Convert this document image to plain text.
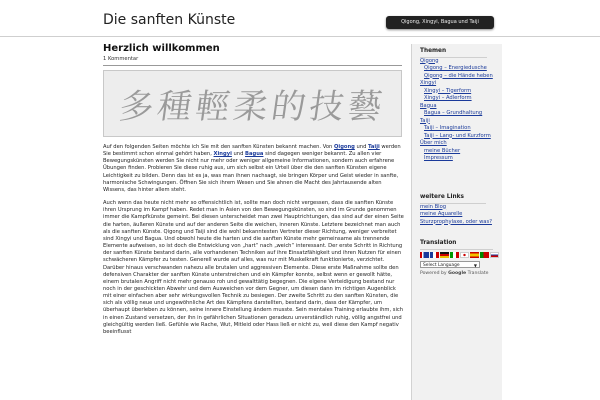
Die sanften Künste	Qigong, Xingyi, Bagua und Taiji
Herzlich willkommen
1 Kommentar
多種輕柔的技藝

Auf den folgenden Seiten möchte ich Sie mit den sanften Künsten bekannt machen. Von Qigong und Taiji werden Sie bestimmt schon einmal gehört haben, Xingyi und Bagua sind dagegen weniger bekannt. Zu allen vier Bewegungskünsten werden Sie nicht nur mehr oder weniger allgemeine Informationen, sondern auch erfahrene Übungen finden. Probieren Sie diese ruhig aus, um sich selbst ein Urteil über die den sanften Künsten eigene Leichtigkeit zu bilden. Denn das ist es ja, was man ihnen nachsagt, sie bringen Körper und Geist wieder in sanfte, harmonische Schwingungen. Öffnen Sie sich ihrem Wesen und Sie ahnen die Macht des Jahrtausende alten Wissens, das hinter allem steht.

Auch wenn das heute nicht mehr so offensichtlich ist, sollte man doch nicht vergessen, dass die sanften Künste ihren Ursprung im Kampf haben. Redet man in Asien von den Bewegungskünsten, so sind im Grunde genommen immer die Kampfkünste gemeint. Bei diesen unterscheidet man zwei Hauptrichtungen, das sind auf der einen Seite die harten, äußeren Künste und auf der anderen Seite die weichen, inneren Künste. Letztere bezeichnet man auch als die sanften Künste. Qigong und Taiji sind die wohl bekanntesten Vertreter dieser Richtung, weniger verbreitet sind Xingyi und Bagua. Und obwohl heute die harten und die sanften Künste mehr gemeinsame als trennende Elemente aufweisen, so ist doch die Entwicklung von „hart“ nach „weich“ interessant. Der erste Schritt in Richtung der sanften Künste bestand darin, alle vorhandenen Techniken auf ihre Einsatzfähigkeit und ihren Nutzen für einen schwächeren Kämpfer zu testen. Generell wurde auf alles, was nur mit Muskelkraft funktionierte, verzichtet. Darüber hinaus verschwanden nahezu alle brutalen und aggressiven Elemente. Diese erste Maßnahme sollte den defensiven Charakter der sanften Künste unterstreichen und ein Kämpfer konnte, selbst wenn er gewollt hätte, einem brutalen Angriff nicht mehr genauso roh und gewalttätig begegnen. Die eigene Verteidigung bestand nur noch in der geschickten Abwehr und dem Ausweichen vor dem Gegner, um diesen dann im richtigen Augenblick mit einer einfachen aber sehr wirkungsvollen Technik zu besiegen. Der zweite Schritt zu den sanften Künsten, die sich als völlig neue und ungewöhnliche Art des Kämpfens darstellten, bestand darin, dass der Kämpfer, um überhaupt überleben zu können, seine innere Einstellung ändern musste. Sein mentales Training erlaubte ihm, sich in einen Zustand versetzen, der ihn in gefährlichen Situationen geradezu unverständlich ruhig, völlig angstfrei und gleichgültig werden ließ. Gefühle wie Rache, Wut, Mitleid oder Hass ließ er nicht zu, weil diese den Kampf negativ beeinflusst

Themen
Qigong
Qigong – Energiedusche
Qigong – die Hände heben
Xingyi
Xingyi – Tigerform
Xingyi – Adlerform
Bagua
Bagua – Grundhaltung
Taiji
Taiji – Imagination
Taiji – Lang- und Kurzform
Über mich
meine Bücher
Impressum
weitere Links
mein Blog
meine Aquarelle
Sturzprophylaxe, oder was?
Translation
Select Language	▼
Powered by Google Translate
